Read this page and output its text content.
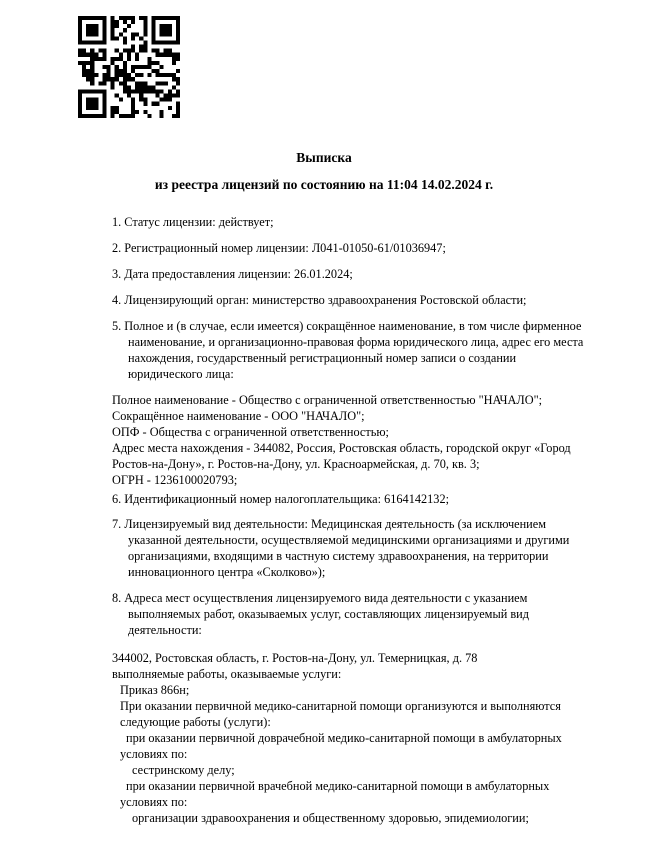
Выписка
из реестра лицензий по состоянию на 11:04 14.02.2024 г.
1. Статус лицензии: действует;
2. Регистрационный номер лицензии: Л041-01050-61/01036947;
3. Дата предоставления лицензии: 26.01.2024;
4. Лицензирующий орган: министерство здравоохранения Ростовской области;
5. Полное и (в случае, если имеется) сокращённое наименование, в том числе фирменное
наименование, и организационно-правовая форма юридического лица, адрес его места
нахождения, государственный регистрационный номер записи о создании
юридического лица:
Полное наименование - Общество с ограниченной ответственностью "НАЧАЛО";
Сокращённое наименование - ООО "НАЧАЛО";
ОПФ - Общества с ограниченной ответственностью;
Адрес места нахождения - 344082, Россия, Ростовская область, городской округ «Город
Ростов-на-Дону», г. Ростов-на-Дону, ул. Красноармейская, д. 70, кв. 3;
ОГРН - 1236100020793;
6. Идентификационный номер налогоплательщика: 6164142132;
7. Лицензируемый вид деятельности: Медицинская деятельность (за исключением
указанной деятельности, осуществляемой медицинскими организациями и другими
организациями, входящими в частную систему здравоохранения, на территории
инновационного центра «Сколково»);
8. Адреса мест осуществления лицензируемого вида деятельности с указанием
выполняемых работ, оказываемых услуг, составляющих лицензируемый вид
деятельности:
344002, Ростовская область, г. Ростов-на-Дону, ул. Темерницкая, д. 78
выполняемые работы, оказываемые услуги:
Приказ 866н;
При оказании первичной медико-санитарной помощи организуются и выполняются
следующие работы (услуги):
при оказании первичной доврачебной медико-санитарной помощи в амбулаторных
условиях по:
сестринскому делу;
при оказании первичной врачебной медико-санитарной помощи в амбулаторных
условиях по:
организации здравоохранения и общественному здоровью, эпидемиологии;
